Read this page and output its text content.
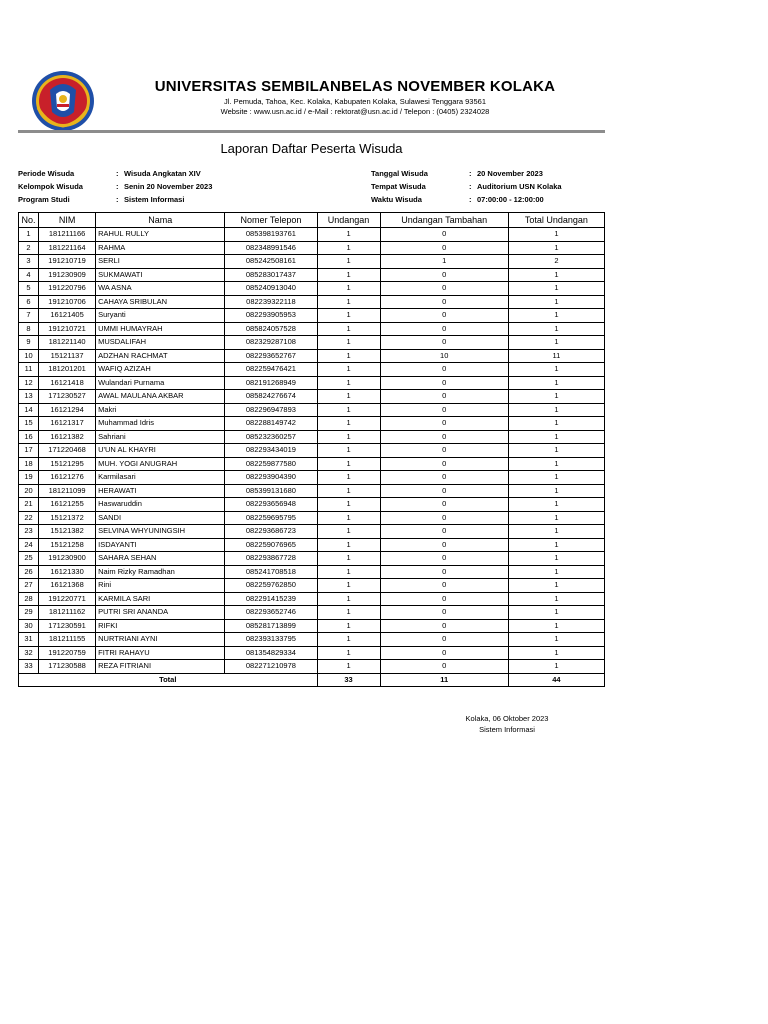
UNIVERSITAS SEMBILANBELAS NOVEMBER KOLAKA
Jl. Pemuda, Tahoa, Kec. Kolaka, Kabupaten Kolaka, Sulawesi Tenggara 93561
Website : www.usn.ac.id / e-Mail : rektorat@usn.ac.id / Telepon : (0405) 2324028
Laporan Daftar Peserta Wisuda
Periode Wisuda	: Wisuda Angkatan XIV
Kelompok Wisuda	: Senin 20 November 2023
Program Studi	: Sistem Informasi
Tanggal Wisuda	: 20 November 2023
Tempat Wisuda	: Auditorium USN Kolaka
Waktu Wisuda	: 07:00:00 - 12:00:00
No.	NIM	Nama	Nomer Telepon	Undangan	Undangan Tambahan	Total Undangan
1	181211166	RAHUL RULLY	085398193761	1	0	1
2	181221164	RAHMA	082348991546	1	0	1
3	191210719	SERLI	085242508161	1	1	2
4	191230909	SUKMAWATI	085283017437	1	0	1
5	191220796	WA ASNA	085240913040	1	0	1
6	191210706	CAHAYA SRIBULAN	082239322118	1	0	1
7	16121405	Suryanti	082293905953	1	0	1
8	191210721	UMMI HUMAYRAH	085824057528	1	0	1
9	181221140	MUSDALIFAH	082329287108	1	0	1
10	15121137	ADZHAN RACHMAT	082293652767	1	10	11
11	181201201	WAFIQ AZIZAH	082259476421	1	0	1
12	16121418	Wulandari Purnama	082191268949	1	0	1
13	171230527	AWAL MAULANA AKBAR	085824276674	1	0	1
14	16121294	Makri	082296947893	1	0	1
15	16121317	Muhammad Idris	082288149742	1	0	1
16	16121382	Sahriani	085232360257	1	0	1
17	171220468	U'UN AL KHAYRI	082293434019	1	0	1
18	15121295	MUH. YOGI ANUGRAH	082259877580	1	0	1
19	16121276	Karmilasari	082293904390	1	0	1
20	181211099	HERAWATI	085399131680	1	0	1
21	16121255	Haswaruddin	082293656948	1	0	1
22	15121372	SANDI	082259695795	1	0	1
23	15121382	SELVINA WHYUNINGSIH	082293686723	1	0	1
24	15121258	ISDAYANTI	082259076965	1	0	1
25	191230900	SAHARA SEHAN	082293867728	1	0	1
26	16121330	Naim Rizky Ramadhan	085241708518	1	0	1
27	16121368	Rini	082259762850	1	0	1
28	191220771	KARMILA SARI	082291415239	1	0	1
29	181211162	PUTRI SRI ANANDA	082293652746	1	0	1
30	171230591	RIFKI	085281713899	1	0	1
31	181211155	NURTRIANI AYNI	082393133795	1	0	1
32	191220759	FITRI RAHAYU	081354829334	1	0	1
33	171230588	REZA FITRIANI	082271210978	1	0	1
Total				33	11	44
Kolaka, 06 Oktober 2023
Sistem Informasi
